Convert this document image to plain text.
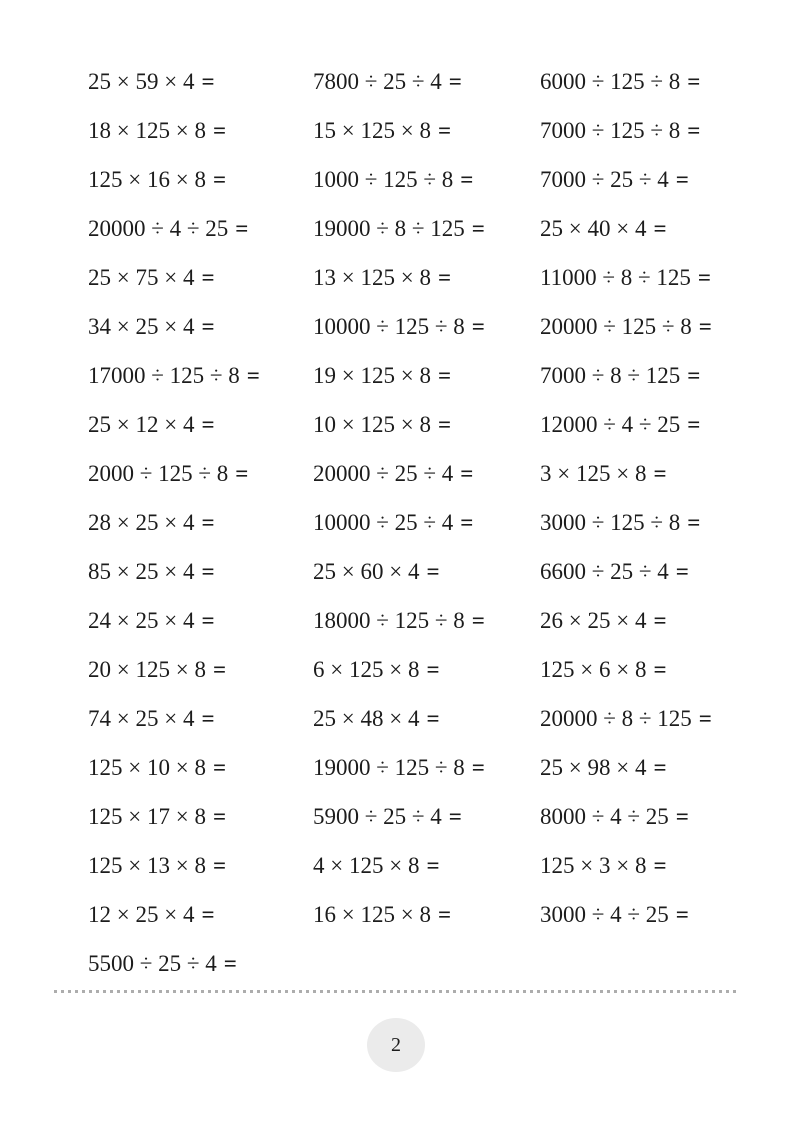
25 × 59 × 4 =
18 × 125 × 8 =
125 × 16 × 8 =
20000 ÷ 4 ÷ 25 =
25 × 75 × 4 =
34 × 25 × 4 =
17000 ÷ 125 ÷ 8 =
25 × 12 × 4 =
2000 ÷ 125 ÷ 8 =
28 × 25 × 4 =
85 × 25 × 4 =
24 × 25 × 4 =
20 × 125 × 8 =
74 × 25 × 4 =
125 × 10 × 8 =
125 × 17 × 8 =
125 × 13 × 8 =
12 × 25 × 4 =
5500 ÷ 25 ÷ 4 =
7800 ÷ 25 ÷ 4 =
15 × 125 × 8 =
1000 ÷ 125 ÷ 8 =
19000 ÷ 8 ÷ 125 =
13 × 125 × 8 =
10000 ÷ 125 ÷ 8 =
19 × 125 × 8 =
10 × 125 × 8 =
20000 ÷ 25 ÷ 4 =
10000 ÷ 25 ÷ 4 =
25 × 60 × 4 =
18000 ÷ 125 ÷ 8 =
6 × 125 × 8 =
25 × 48 × 4 =
19000 ÷ 125 ÷ 8 =
5900 ÷ 25 ÷ 4 =
4 × 125 × 8 =
16 × 125 × 8 =
6000 ÷ 125 ÷ 8 =
7000 ÷ 125 ÷ 8 =
7000 ÷ 25 ÷ 4 =
25 × 40 × 4 =
11000 ÷ 8 ÷ 125 =
20000 ÷ 125 ÷ 8 =
7000 ÷ 8 ÷ 125 =
12000 ÷ 4 ÷ 25 =
3 × 125 × 8 =
3000 ÷ 125 ÷ 8 =
6600 ÷ 25 ÷ 4 =
26 × 25 × 4 =
125 × 6 × 8 =
20000 ÷ 8 ÷ 125 =
25 × 98 × 4 =
8000 ÷ 4 ÷ 25 =
125 × 3 × 8 =
3000 ÷ 4 ÷ 25 =
2
